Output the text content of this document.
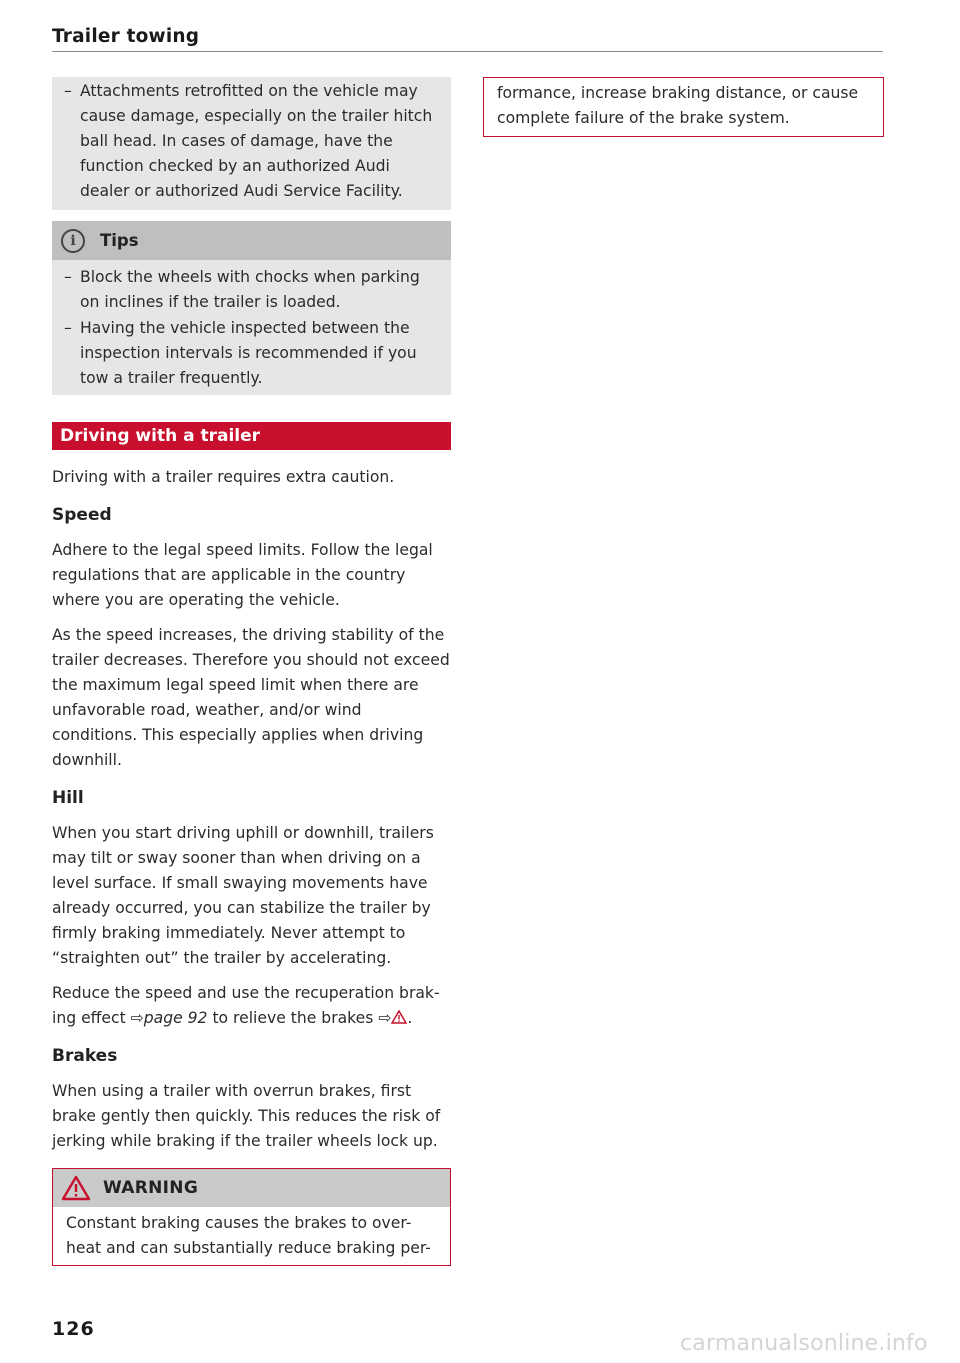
Trailer towing
– Attachments retrofitted on the vehicle may cause damage, especially on the trailer hitch ball head. In cases of damage, have the function checked by an authorized Audi dealer or authorized Audi Service Facility.
i	Tips
– Block the wheels with chocks when parking on inclines if the trailer is loaded.
– Having the vehicle inspected between the inspection intervals is recommended if you tow a trailer frequently.
Driving with a trailer

Driving with a trailer requires extra caution.

Speed

Adhere to the legal speed limits. Follow the legal regulations that are applicable in the country where you are operating the vehicle.

As the speed increases, the driving stability of the trailer decreases. Therefore you should not exceed the maximum legal speed limit when there are unfavorable road, weather, and/or wind conditions. This especially applies when driving downhill.

Hill

When you start driving uphill or downhill, trailers may tilt or sway sooner than when driving on a level surface. If small swaying movements have already occurred, you can stabilize the trailer by firmly braking immediately. Never attempt to “straighten out” the trailer by accelerating.

Reduce the speed and use the recuperation brak- ing effect ⇨page 92 to relieve the brakes ⇨ .

Brakes

When using a trailer with overrun brakes, first brake gently then quickly. This reduces the risk of jerking while braking if the trailer wheels lock up.

WARNING
Constant braking causes the brakes to over- heat and can substantially reduce braking per-
formance, increase braking distance, or cause complete failure of the brake system.
126
carmanualsonline.info
